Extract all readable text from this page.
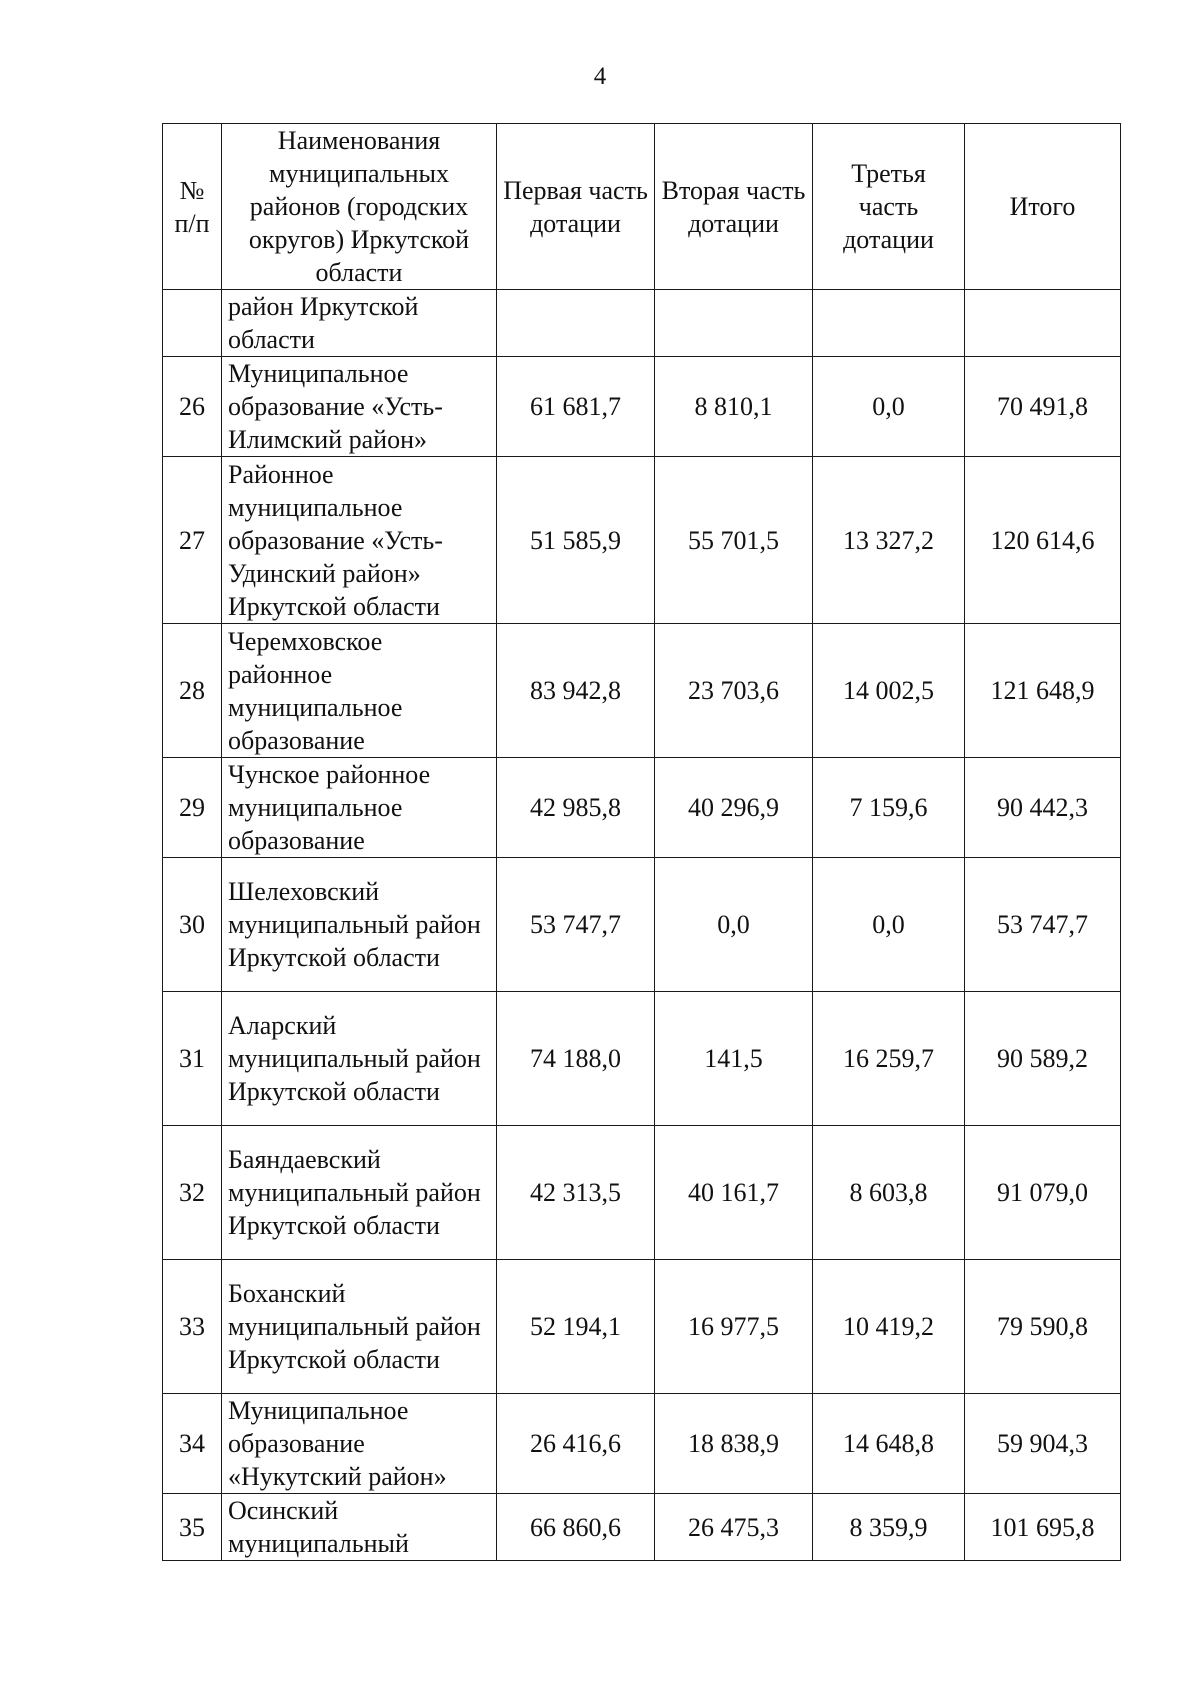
4
№ п/п	Наименования муниципальных районов (городских округов) Иркутской области	Первая часть дотации	Вторая часть дотации	Третья часть дотации	Итого
	район Иркутской области				
26	Муниципальное образование «Усть-Илимский район»	61 681,7	8 810,1	0,0	70 491,8
27	Районное муниципальное образование «Усть-Удинский район» Иркутской области	51 585,9	55 701,5	13 327,2	120 614,6
28	Черемховское районное муниципальное образование	83 942,8	23 703,6	14 002,5	121 648,9
29	Чунское районное муниципальное образование	42 985,8	40 296,9	7 159,6	90 442,3
30	Шелеховский муниципальный район Иркутской области	53 747,7	0,0	0,0	53 747,7
31	Аларский муниципальный район Иркутской области	74 188,0	141,5	16 259,7	90 589,2
32	Баяндаевский муниципальный район Иркутской области	42 313,5	40 161,7	8 603,8	91 079,0
33	Боханский муниципальный район Иркутской области	52 194,1	16 977,5	10 419,2	79 590,8
34	Муниципальное образование «Нукутский район»	26 416,6	18 838,9	14 648,8	59 904,3
35	Осинский муниципальный	66 860,6	26 475,3	8 359,9	101 695,8
